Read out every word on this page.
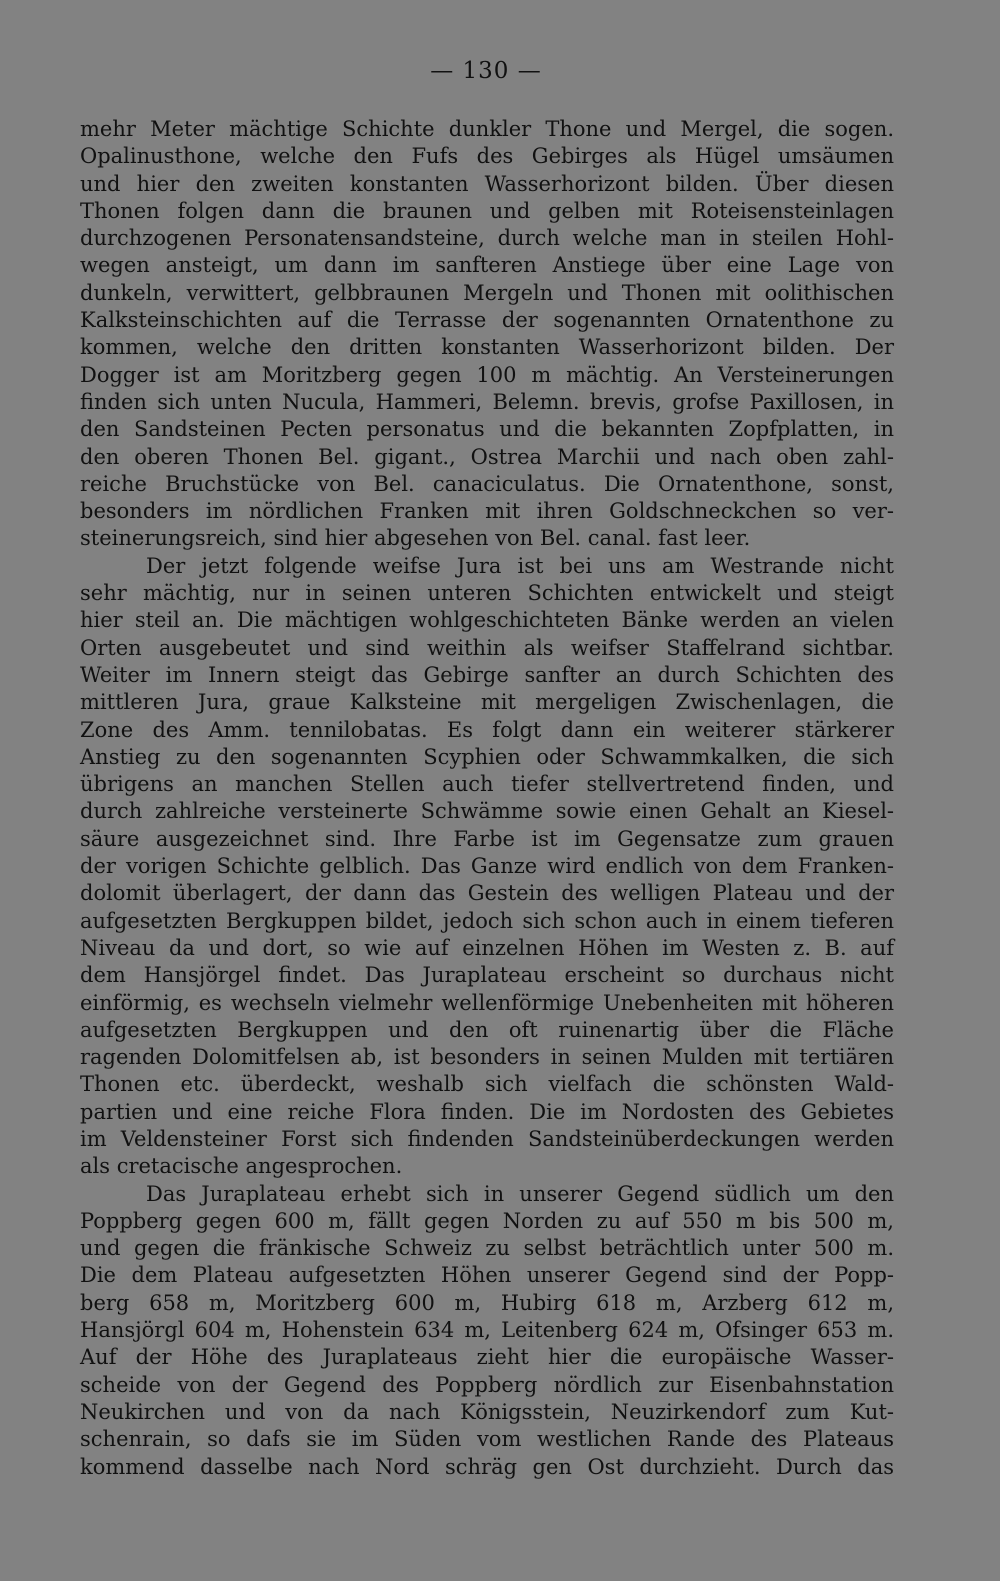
— 130 —
mehr Meter mächtige Schichte dunkler Thone und Mergel, die sogen.
Opalinusthone, welche den Fufs des Gebirges als Hügel umsäumen
und hier den zweiten konstanten Wasserhorizont bilden. Über diesen
Thonen folgen dann die braunen und gelben mit Roteisensteinlagen
durchzogenen Personatensandsteine, durch welche man in steilen Hohl-
wegen ansteigt, um dann im sanfteren Anstiege über eine Lage von
dunkeln, verwittert, gelbbraunen Mergeln und Thonen mit oolithischen
Kalksteinschichten auf die Terrasse der sogenannten Ornatenthone zu
kommen, welche den dritten konstanten Wasserhorizont bilden. Der
Dogger ist am Moritzberg gegen 100 m mächtig. An Versteinerungen
finden sich unten Nucula, Hammeri, Belemn. brevis, grofse Paxillosen, in
den Sandsteinen Pecten personatus und die bekannten Zopfplatten, in
den oberen Thonen Bel. gigant., Ostrea Marchii und nach oben zahl-
reiche Bruchstücke von Bel. canaciculatus. Die Ornatenthone, sonst,
besonders im nördlichen Franken mit ihren Goldschneckchen so ver-
steinerungsreich, sind hier abgesehen von Bel. canal. fast leer.
Der jetzt folgende weifse Jura ist bei uns am Westrande nicht
sehr mächtig, nur in seinen unteren Schichten entwickelt und steigt
hier steil an. Die mächtigen wohlgeschichteten Bänke werden an vielen
Orten ausgebeutet und sind weithin als weifser Staffelrand sichtbar.
Weiter im Innern steigt das Gebirge sanfter an durch Schichten des
mittleren Jura, graue Kalksteine mit mergeligen Zwischenlagen, die
Zone des Amm. tennilobatas. Es folgt dann ein weiterer stärkerer
Anstieg zu den sogenannten Scyphien oder Schwammkalken, die sich
übrigens an manchen Stellen auch tiefer stellvertretend finden, und
durch zahlreiche versteinerte Schwämme sowie einen Gehalt an Kiesel-
säure ausgezeichnet sind. Ihre Farbe ist im Gegensatze zum grauen
der vorigen Schichte gelblich. Das Ganze wird endlich von dem Franken-
dolomit überlagert, der dann das Gestein des welligen Plateau und der
aufgesetzten Bergkuppen bildet, jedoch sich schon auch in einem tieferen
Niveau da und dort, so wie auf einzelnen Höhen im Westen z. B. auf
dem Hansjörgel findet. Das Juraplateau erscheint so durchaus nicht
einförmig, es wechseln vielmehr wellenförmige Unebenheiten mit höheren
aufgesetzten Bergkuppen und den oft ruinenartig über die Fläche
ragenden Dolomitfelsen ab, ist besonders in seinen Mulden mit tertiären
Thonen etc. überdeckt, weshalb sich vielfach die schönsten Wald-
partien und eine reiche Flora finden. Die im Nordosten des Gebietes
im Veldensteiner Forst sich findenden Sandsteinüberdeckungen werden
als cretacische angesprochen.
Das Juraplateau erhebt sich in unserer Gegend südlich um den
Poppberg gegen 600 m, fällt gegen Norden zu auf 550 m bis 500 m,
und gegen die fränkische Schweiz zu selbst beträchtlich unter 500 m.
Die dem Plateau aufgesetzten Höhen unserer Gegend sind der Popp-
berg 658 m, Moritzberg 600 m, Hubirg 618 m, Arzberg 612 m,
Hansjörgl 604 m, Hohenstein 634 m, Leitenberg 624 m, Ofsinger 653 m.
Auf der Höhe des Juraplateaus zieht hier die europäische Wasser-
scheide von der Gegend des Poppberg nördlich zur Eisenbahnstation
Neukirchen und von da nach Königsstein, Neuzirkendorf zum Kut-
schenrain, so dafs sie im Süden vom westlichen Rande des Plateaus
kommend dasselbe nach Nord schräg gen Ost durchzieht. Durch das
